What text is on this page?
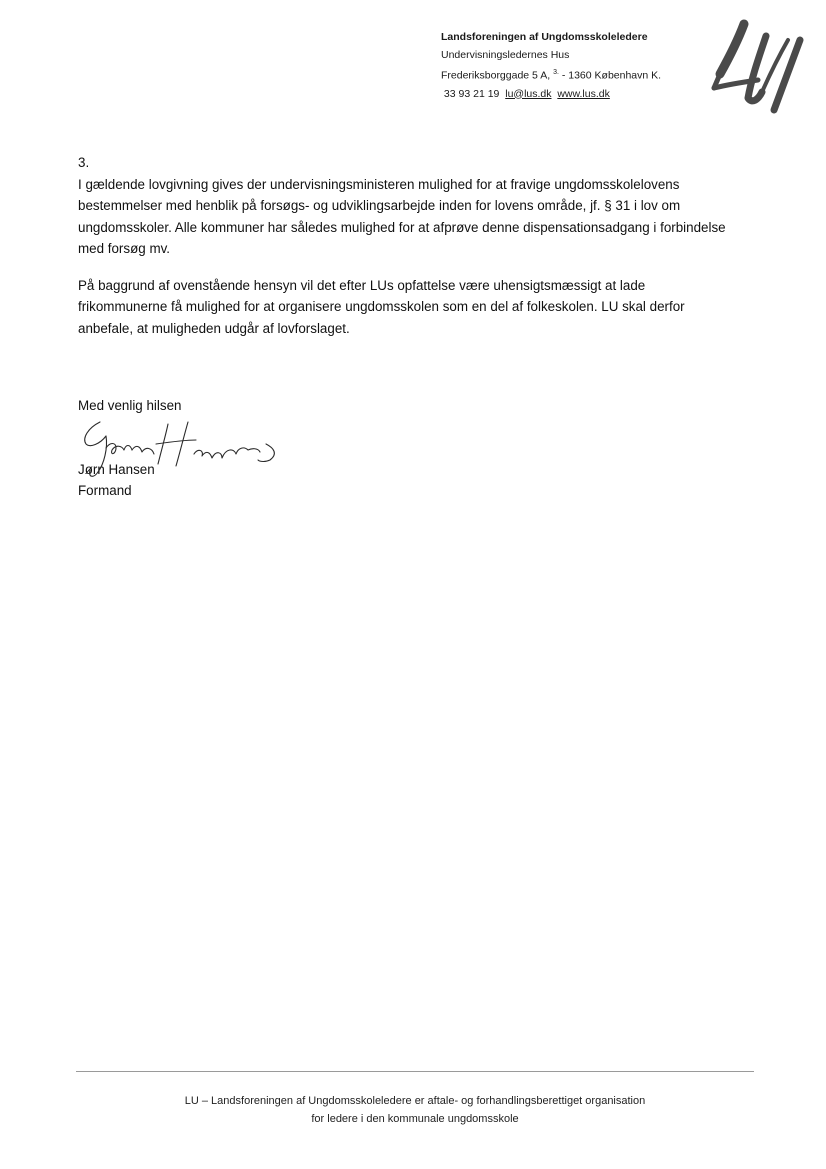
Landsforeningen af Ungdomsskoleledere
Undervisningsledernes Hus
Frederiksborggade 5 A, $^{3.}$ - 1360 København K.
33 93 21 19 lu@lus.dk www.lus.dk

3.

I gældende lovgivning gives der undervisningsministeren mulighed for at fravige ungdomsskolelovens bestemmelser med henblik på forsøgs- og udviklingsarbejde inden for lovens område, jf. § 31 i lov om ungdomsskoler. Alle kommuner har således mulighed for at afprøve denne dispensationsadgang i forbindelse med forsøg mv.

På baggrund af ovenstående hensyn vil det efter LUs opfattelse være uhensigtsmæssigt at lade frikommunerne få mulighed for at organisere ungdomsskolen som en del af folkeskolen. LU skal derfor anbefale, at muligheden udgår af lovforslaget.

Med venlig hilsen
Jørn Hansen
Formand
LU – Landsforeningen af Ungdomsskoleledere er aftale- og forhandlingsberettiget organisation
for ledere i den kommunale ungdomsskole
